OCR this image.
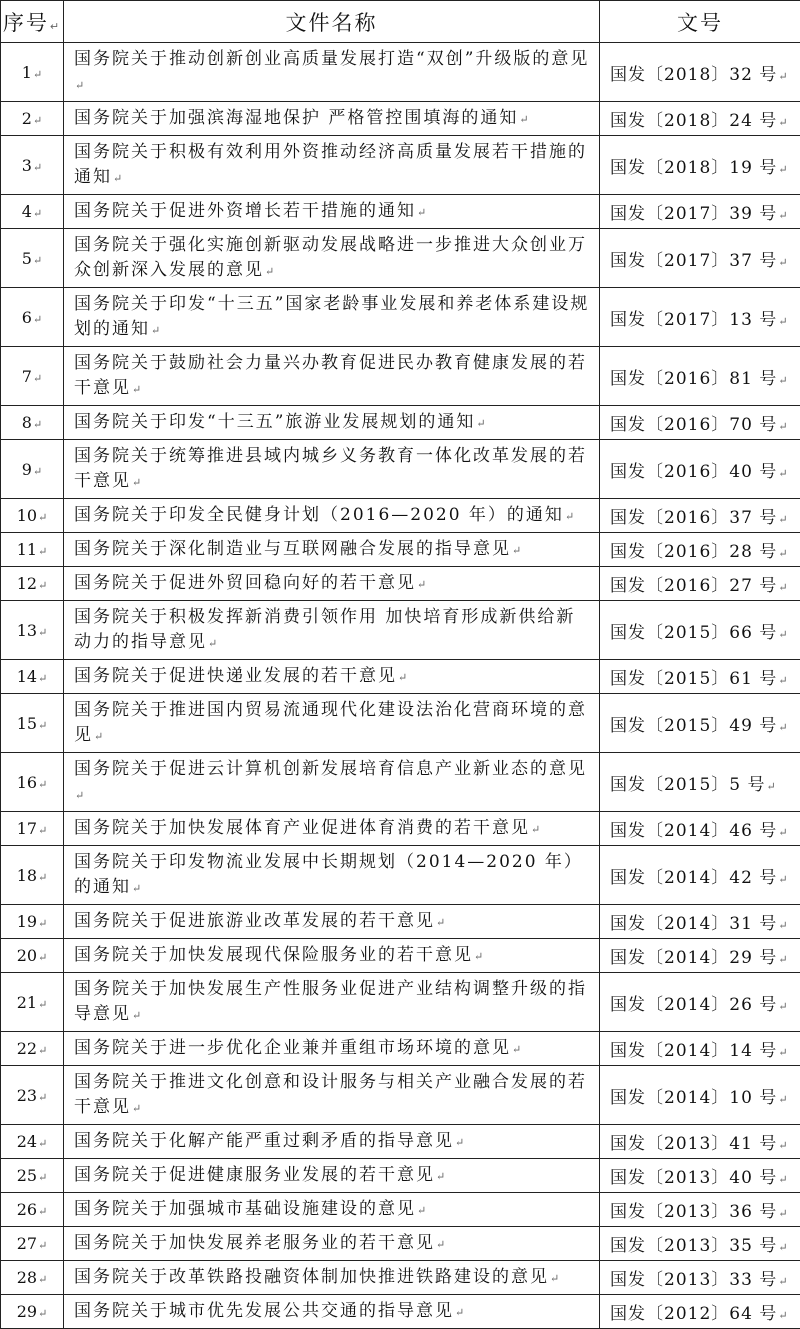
序号↵	文件名称	文号
1↵	国务院关于推动创新创业高质量发展打造“双创”升级版的意见↵	国发〔2018〕32 号↵
2↵	国务院关于加强滨海湿地保护 严格管控围填海的通知↵	国发〔2018〕24 号↵
3↵	国务院关于积极有效利用外资推动经济高质量发展若干措施的通知↵	国发〔2018〕19 号↵
4↵	国务院关于促进外资增长若干措施的通知↵	国发〔2017〕39 号↵
5↵	国务院关于强化实施创新驱动发展战略进一步推进大众创业万众创新深入发展的意见↵	国发〔2017〕37 号↵
6↵	国务院关于印发“十三五”国家老龄事业发展和养老体系建设规划的通知↵	国发〔2017〕13 号↵
7↵	国务院关于鼓励社会力量兴办教育促进民办教育健康发展的若干意见↵	国发〔2016〕81 号↵
8↵	国务院关于印发“十三五”旅游业发展规划的通知↵	国发〔2016〕70 号↵
9↵	国务院关于统筹推进县域内城乡义务教育一体化改革发展的若干意见↵	国发〔2016〕40 号↵
10↵	国务院关于印发全民健身计划（2016—2020 年）的通知↵	国发〔2016〕37 号↵
11↵	国务院关于深化制造业与互联网融合发展的指导意见↵	国发〔2016〕28 号↵
12↵	国务院关于促进外贸回稳向好的若干意见↵	国发〔2016〕27 号↵
13↵	国务院关于积极发挥新消费引领作用 加快培育形成新供给新动力的指导意见↵	国发〔2015〕66 号↵
14↵	国务院关于促进快递业发展的若干意见↵	国发〔2015〕61 号↵
15↵	国务院关于推进国内贸易流通现代化建设法治化营商环境的意见↵	国发〔2015〕49 号↵
16↵	国务院关于促进云计算机创新发展培育信息产业新业态的意见↵	国发〔2015〕5 号↵
17↵	国务院关于加快发展体育产业促进体育消费的若干意见↵	国发〔2014〕46 号↵
18↵	国务院关于印发物流业发展中长期规划（2014—2020 年）的通知↵	国发〔2014〕42 号↵
19↵	国务院关于促进旅游业改革发展的若干意见↵	国发〔2014〕31 号↵
20↵	国务院关于加快发展现代保险服务业的若干意见↵	国发〔2014〕29 号↵
21↵	国务院关于加快发展生产性服务业促进产业结构调整升级的指导意见↵	国发〔2014〕26 号↵
22↵	国务院关于进一步优化企业兼并重组市场环境的意见↵	国发〔2014〕14 号↵
23↵	国务院关于推进文化创意和设计服务与相关产业融合发展的若干意见↵	国发〔2014〕10 号↵
24↵	国务院关于化解产能严重过剩矛盾的指导意见↵	国发〔2013〕41 号↵
25↵	国务院关于促进健康服务业发展的若干意见↵	国发〔2013〕40 号↵
26↵	国务院关于加强城市基础设施建设的意见↵	国发〔2013〕36 号↵
27↵	国务院关于加快发展养老服务业的若干意见↵	国发〔2013〕35 号↵
28↵	国务院关于改革铁路投融资体制加快推进铁路建设的意见↵	国发〔2013〕33 号↵
29↵	国务院关于城市优先发展公共交通的指导意见↵	国发〔2012〕64 号↵
